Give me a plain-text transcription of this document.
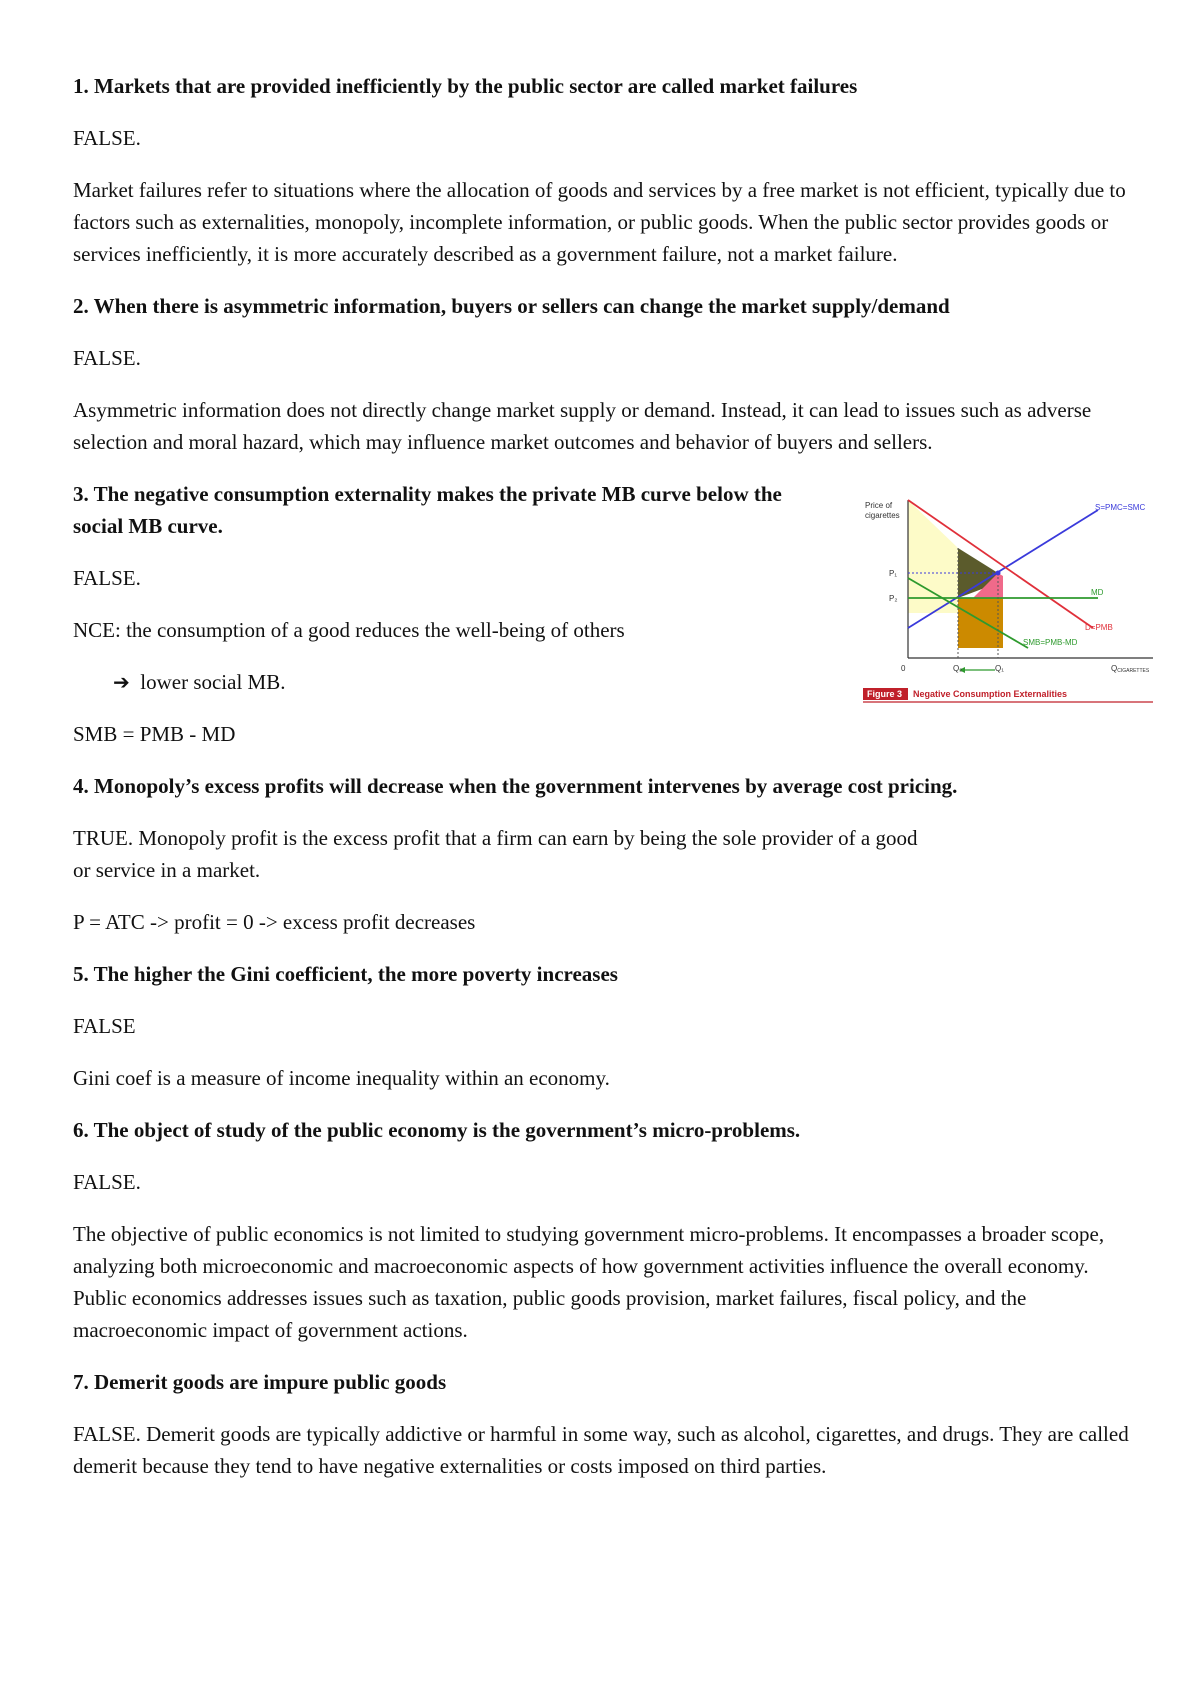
1. Markets that are provided inefficiently by the public sector are called market failures

FALSE.

Market failures refer to situations where the allocation of goods and services by a free market is not efficient, typically due to factors such as externalities, monopoly, incomplete information, or public goods. When the public sector provides goods or services inefficiently, it is more accurately described as a government failure, not a market failure.

2. When there is asymmetric information, buyers or sellers can change the market supply/demand

FALSE.

Asymmetric information does not directly change market supply or demand. Instead, it can lead to issues such as adverse selection and moral hazard, which may influence market outcomes and behavior of buyers and sellers.

3. The negative consumption externality makes the private MB curve below the social MB curve.

FALSE.

NCE: the consumption of a good reduces the well-being of others

➔ lower social MB.

SMB = PMB - MD

Price of
cigarettes
S=PMC=SMC
MD
D=PMB
SMB=PMB-MD
P₁
P₂
0	Q₂	Q₁	QCIGARETTES
Figure 3 Negative Consumption Externalities

4. Monopoly’s excess profits will decrease when the government intervenes by average cost pricing.

TRUE. Monopoly profit is the excess profit that a firm can earn by being the sole provider of a good
or service in a market.

P = ATC -> profit = 0 -> excess profit decreases

5. The higher the Gini coefficient, the more poverty increases

FALSE

Gini coef is a measure of income inequality within an economy.

6. The object of study of the public economy is the government’s micro-problems.

FALSE.

The objective of public economics is not limited to studying government micro-problems. It encompasses a broader scope, analyzing both microeconomic and macroeconomic aspects of how government activities influence the overall economy. Public economics addresses issues such as taxation, public goods provision, market failures, fiscal policy, and the macroeconomic impact of government actions.

7. Demerit goods are impure public goods

FALSE. Demerit goods are typically addictive or harmful in some way, such as alcohol, cigarettes, and drugs. They are called demerit because they tend to have negative externalities or costs imposed on third parties.
